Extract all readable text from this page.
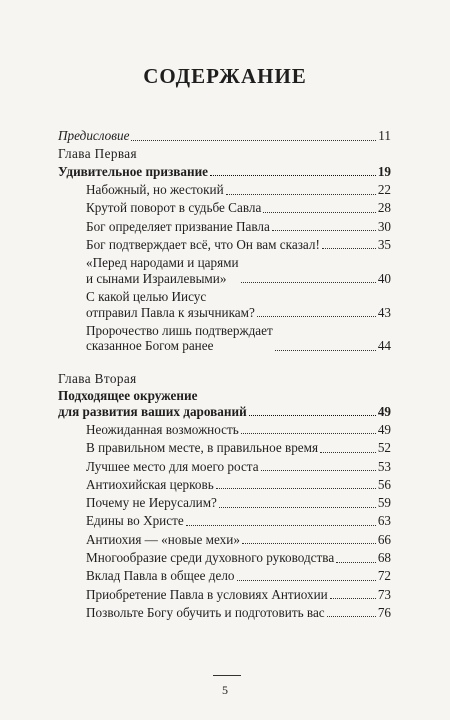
СОДЕРЖАНИЕ
Предисловие	11
Глава Первая
Удивительное призвание	19
Набожный, но жестокий	22
Крутой поворот в судьбе Савла	28
Бог определяет призвание Павла	30
Бог подтверждает всё, что Он вам сказал!	35
«Перед народами и царями
и сынами Израилевыми»	40
С какой целью Иисус
отправил Павла к язычникам?	43
Пророчество лишь подтверждает
сказанное Богом ранее	44
Глава Вторая
Подходящее окружение
для развития ваших дарований	49
Неожиданная возможность	49
В правильном месте, в правильное время	52
Лучшее место для моего роста	53
Антиохийская церковь	56
Почему не Иерусалим?	59
Едины во Христе	63
Антиохия — «новые мехи»	66
Многообразие среди духовного руководства	68
Вклад Павла в общее дело	72
Приобретение Павла в условиях Антиохии	73
Позвольте Богу обучить и подготовить вас	76
5
